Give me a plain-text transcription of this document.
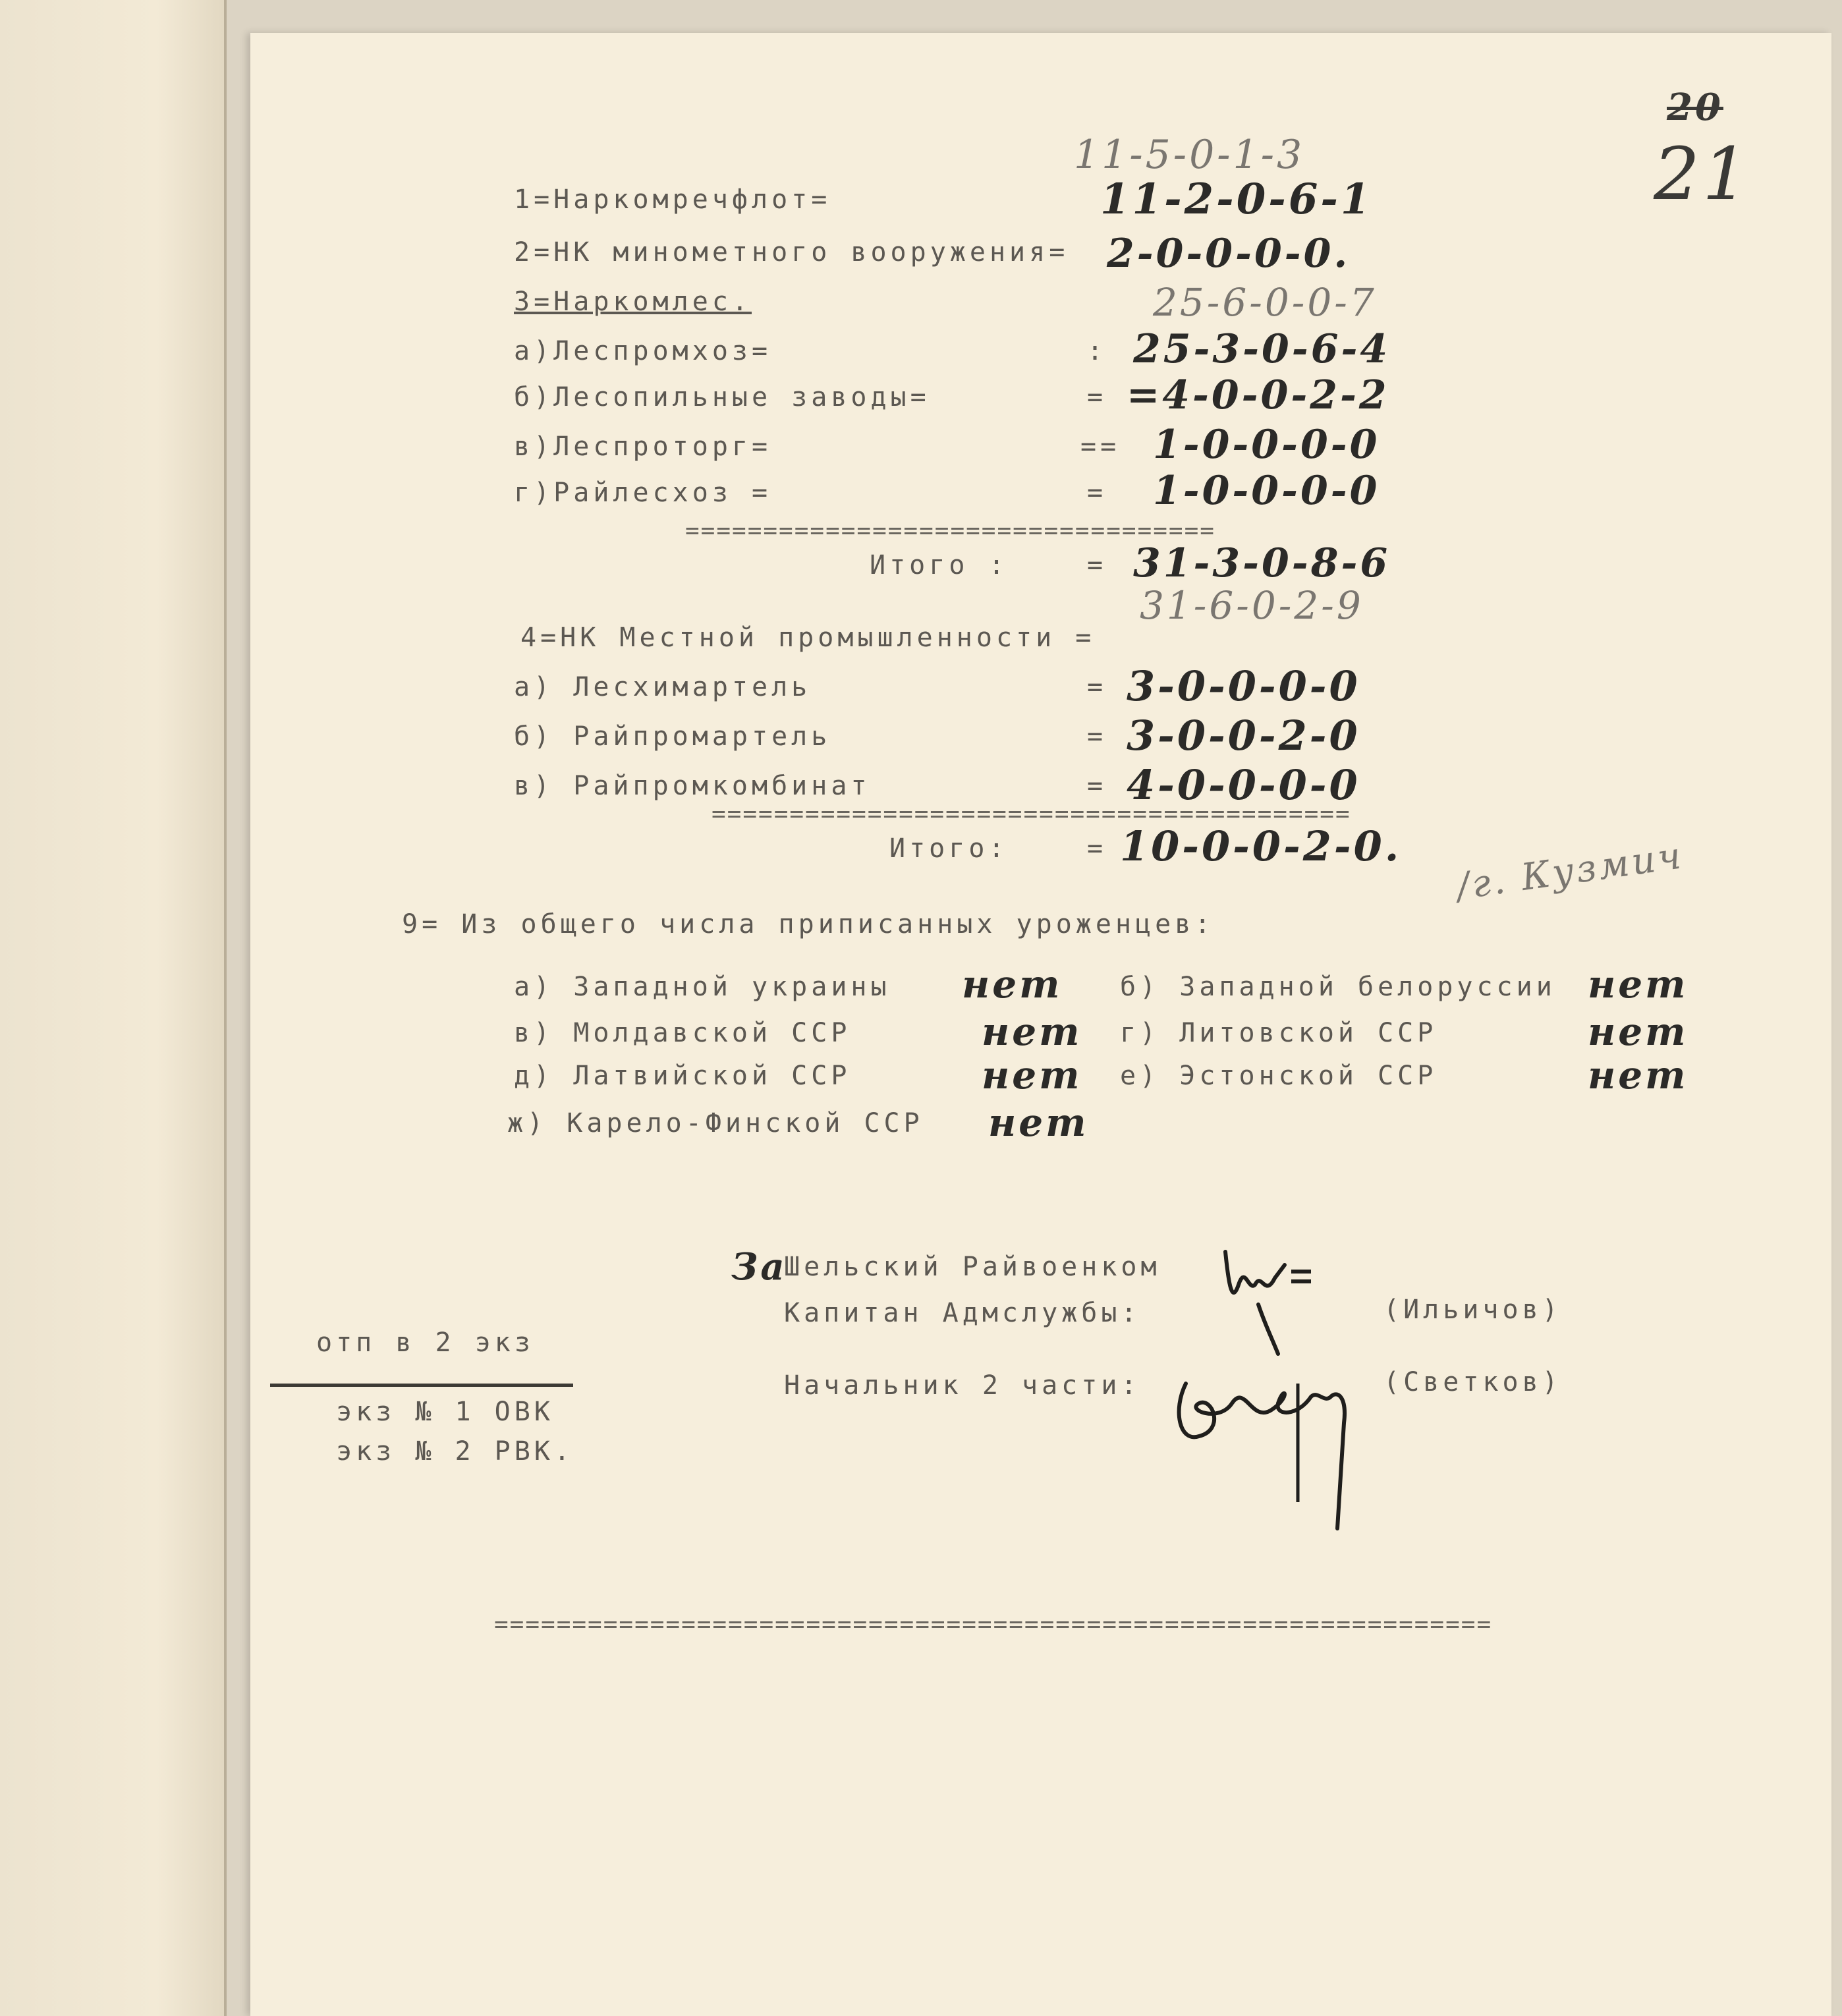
20
21
11-5-0-1-3
1=Наркомречфлот=	11-2-0-6-1
2=НК минометного вооружения= 2-0-0-0-0.
25-6-0-0-7
3=Наркомлес.
а)Леспромхоз=	: 25-3-0-6-4
б)Лесопильные заводы=	= =4-0-0-2-2
в)Леспроторг=	== 1-0-0-0-0
г)Райлесхоз =	= 1-0-0-0-0
==================================
Итого :	= 31-3-0-8-6
31-6-0-2-9
4=НК Местной промышленности =
а) Лесхимартель	= 3-0-0-0-0
б) Райпромартель	= 3-0-0-2-0
в) Райпромкомбинат	= 4-0-0-0-0
=========================================
Итого:	= 10-0-0-2-0. /г. Кузмич
9= Из общего числа приписанных уроженцев:
а) Западной украины нет б) Западной белоруссии нет
в) Молдавской ССР	нет г) Литовской ССР	нет
д) Латвийской ССР	нет е) Эстонской ССР	нет
ж) Карело-Финской ССР нет
За
Шельский Райвоенком
Капитан Адмслужбы:	(Ильичов)
Начальник 2 части:	(Светков)
отп в 2 экз
экз № 1 ОВК
экз № 2 РВК.
================================================================
